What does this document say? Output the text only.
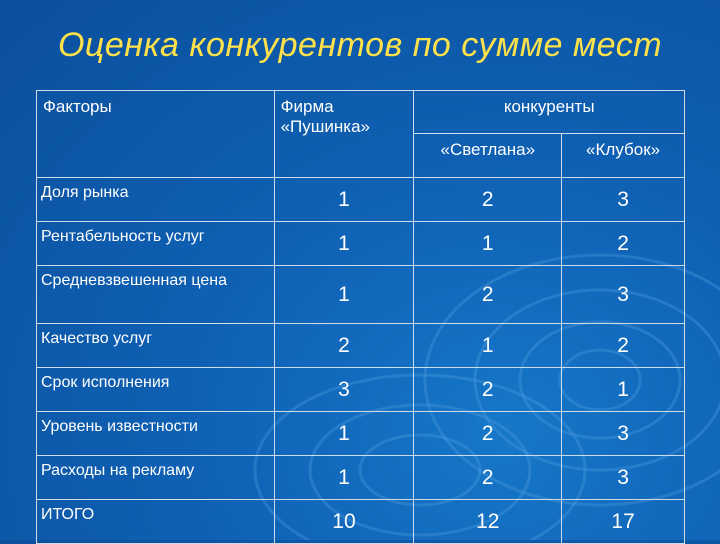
Оценка конкурентов по сумме мест
Факторы	Фирма «Пушинка»	конкуренты	
		«Светлана»	«Клубок»
Доля рынка	1	2	3
Рентабельность услуг	1	1	2
Средневзвешенная цена	1	2	3
Качество услуг	2	1	2
Срок исполнения	3	2	1
Уровень известности	1	2	3
Расходы на рекламу	1	2	3
ИТОГО	10	12	17
